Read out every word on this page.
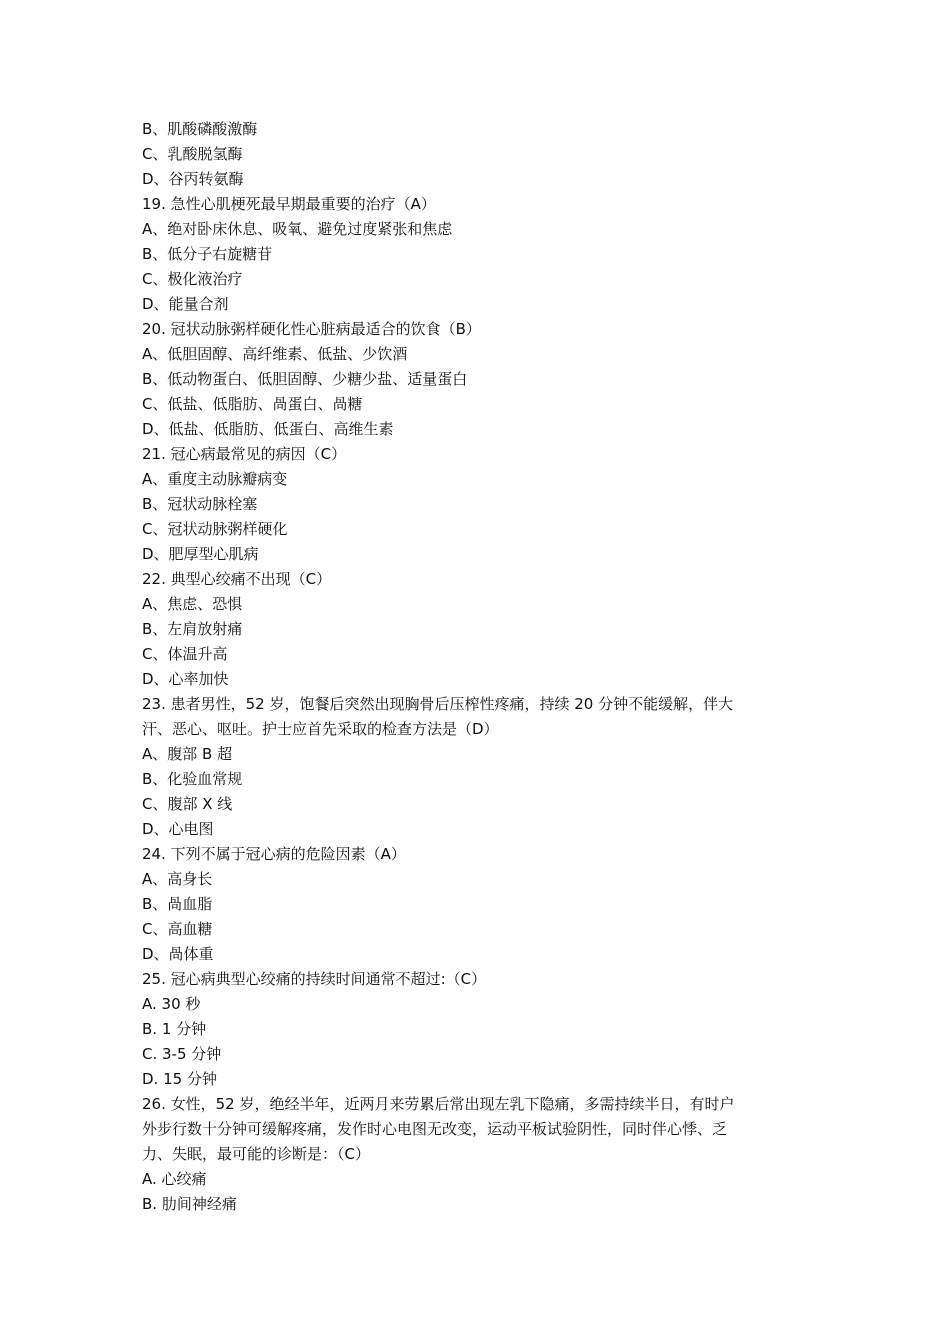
B、肌酸磷酸激酶
C、乳酸脱氢酶
D、谷丙转氨酶
19. 急性心肌梗死最早期最重要的治疗（A）
A、绝对卧床休息、吸氧、避免过度紧张和焦虑
B、低分子右旋糖苷
C、极化液治疗
D、能量合剂
20. 冠状动脉粥样硬化性心脏病最适合的饮食（B）
A、低胆固醇、高纤维素、低盐、少饮酒
B、低动物蛋白、低胆固醇、少糖少盐、适量蛋白
C、低盐、低脂肪、咼蛋白、咼糖
D、低盐、低脂肪、低蛋白、高维生素
21. 冠心病最常见的病因（C）
A、重度主动脉瓣病变
B、冠状动脉栓塞
C、冠状动脉粥样硬化
D、肥厚型心肌病
22. 典型心绞痛不出现（C）
A、焦虑、恐惧
B、左肩放射痛
C、体温升高
D、心率加快
23. 患者男性，52 岁，饱餐后突然出现胸骨后压榨性疼痛，持续 20 分钟不能缓解，伴大
汗、恶心、呕吐。护士应首先采取的检查方法是（D）
A、腹部 B 超
B、化验血常规
C、腹部 X 线
D、心电图
24. 下列不属于冠心病的危险因素（A）
A、高身长
B、咼血脂
C、高血糖
D、咼体重
25. 冠心病典型心绞痛的持续时间通常不超过:（C）
A. 30 秒
B. 1 分钟
C. 3-5 分钟
D. 15 分钟
26. 女性，52 岁，绝经半年，近两月来劳累后常出现左乳下隐痛，多需持续半日，有时户
外步行数十分钟可缓解疼痛，发作时心电图无改变，运动平板试验阴性，同时伴心悸、乏
力、失眠，最可能的诊断是：（C）
A. 心绞痛
B. 肋间神经痛
